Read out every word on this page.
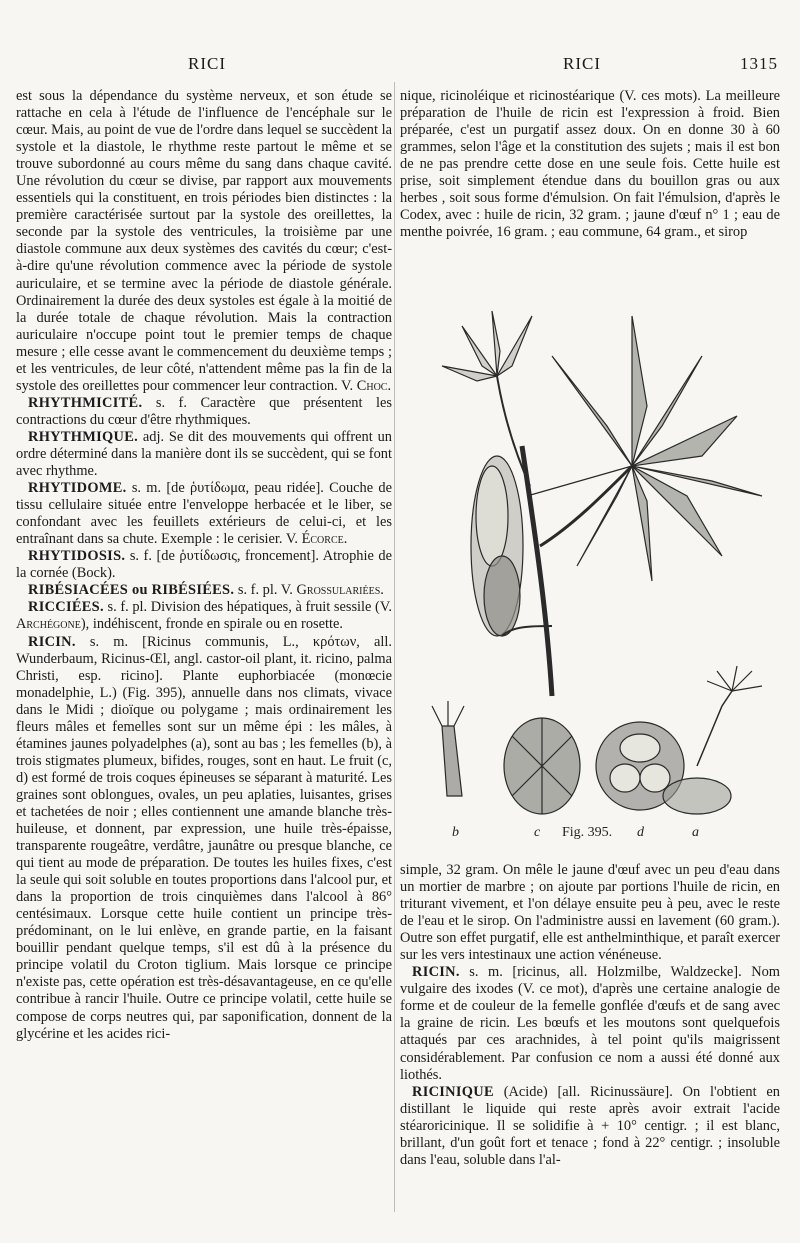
RICI	RICI	1315

est sous la dépendance du système nerveux, et son étude se rattache en cela à l'étude de l'influence de l'encéphale sur le cœur. Mais, au point de vue de l'ordre dans lequel se succèdent la systole et la diastole, le rhythme reste partout le même et se trouve subordonné au cours même du sang dans chaque cavité. Une révolution du cœur se divise, par rapport aux mouvements essentiels qui la constituent, en trois périodes bien distinctes : la première caractérisée surtout par la systole des oreillettes, la seconde par la systole des ventricules, la troisième par une diastole commune aux deux systèmes des cavités du cœur; c'est-à-dire qu'une révolution commence avec la période de systole auriculaire, et se termine avec la période de diastole générale. Ordinairement la durée des deux systoles est égale à la moitié de la durée totale de chaque révolution. Mais la contraction auriculaire n'occupe point tout le premier temps de chaque mesure ; elle cesse avant le commencement du deuxième temps ; et les ventricules, de leur côté, n'attendent même pas la fin de la systole des oreillettes pour commencer leur contraction. V. Choc.

RHYTHMICITÉ. s. f. Caractère que présentent les contractions du cœur d'être rhythmiques.

RHYTHMIQUE. adj. Se dit des mouvements qui offrent un ordre déterminé dans la manière dont ils se succèdent, qui se font avec rhythme.

RHYTIDOME. s. m. [de ῥυτίδωμα, peau ridée]. Couche de tissu cellulaire située entre l'enveloppe herbacée et le liber, se confondant avec les feuillets extérieurs de celui-ci, et les entraînant dans sa chute. Exemple : le cerisier. V. Écorce.

RHYTIDOSIS. s. f. [de ῥυτίδωσις, froncement]. Atrophie de la cornée (Bock).

RIBÉSIACÉES ou RIBÉSIÉES. s. f. pl. V. Grossulariées.

RICCIÉES. s. f. pl. Division des hépatiques, à fruit sessile (V. Archégone), indéhiscent, fronde en spirale ou en rosette.

RICIN. s. m. [Ricinus communis, L., κρότων, all. Wunderbaum, Ricinus-Œl, angl. castor-oil plant, it. ricino, palma Christi, esp. ricino]. Plante euphorbiacée (monœcie monadelphie, L.) (Fig. 395), annuelle dans nos climats, vivace dans le Midi ; dioïque ou polygame ; mais ordinairement les fleurs mâles et femelles sont sur un même épi : les mâles, à étamines jaunes polyadelphes (a), sont au bas ; les femelles (b), à trois stigmates plumeux, bifides, rouges, sont en haut. Le fruit (c, d) est formé de trois coques épineuses se séparant à maturité. Les graines sont oblongues, ovales, un peu aplaties, luisantes, grises et tachetées de noir ; elles contiennent une amande blanche très-huileuse, et donnent, par expression, une huile très-épaisse, transparente rougeâtre, verdâtre, jaunâtre ou presque blanche, ce qui tient au mode de préparation. De toutes les huiles fixes, c'est la seule qui soit soluble en toutes proportions dans l'alcool pur, et dans la proportion de trois cinquièmes dans l'alcool à 86° centésimaux. Lorsque cette huile contient un principe très-prédominant, on le lui enlève, en grande partie, en la faisant bouillir pendant quelque temps, s'il est dû à la présence du principe volatil du Croton tiglium. Mais lorsque ce principe n'existe pas, cette opération est très-désavantageuse, en ce qu'elle contribue à rancir l'huile. Outre ce principe volatil, cette huile se compose de corps neutres qui, par saponification, donnent de la glycérine et les acides rici-

nique, ricinoléique et ricinostéarique (V. ces mots). La meilleure préparation de l'huile de ricin est l'expression à froid. Bien préparée, c'est un purgatif assez doux. On en donne 30 à 60 grammes, selon l'âge et la constitution des sujets ; mais il est bon de ne pas prendre cette dose en une seule fois. Cette huile est prise, soit simplement étendue dans du bouillon gras ou aux herbes , soit sous forme d'émulsion. On fait l'émulsion, d'après le Codex, avec : huile de ricin, 32 gram. ; jaune d'œuf n° 1 ; eau de menthe poivrée, 16 gram. ; eau commune, 64 gram., et sirop

b	c Fig. 395. d	a

simple, 32 gram. On mêle le jaune d'œuf avec un peu d'eau dans un mortier de marbre ; on ajoute par portions l'huile de ricin, en triturant vivement, et l'on délaye ensuite peu à peu, avec le reste de l'eau et le sirop. On l'administre aussi en lavement (60 gram.). Outre son effet purgatif, elle est anthelminthique, et paraît exercer sur les vers intestinaux une action vénéneuse.

RICIN. s. m. [ricinus, all. Holzmilbe, Waldzecke]. Nom vulgaire des ixodes (V. ce mot), d'après une certaine analogie de forme et de couleur de la femelle gonflée d'œufs et de sang avec la graine de ricin. Les bœufs et les moutons sont quelquefois attaqués par ces arachnides, à tel point qu'ils maigrissent considérablement. Par confusion ce nom a aussi été donné aux liothés.

RICINIQUE (Acide) [all. Ricinussäure]. On l'obtient en distillant le liquide qui reste après avoir extrait l'acide stéaroricinique. Il se solidifie à + 10° centigr. ; il est blanc, brillant, d'un goût fort et tenace ; fond à 22° centigr. ; insoluble dans l'eau, soluble dans l'al-
